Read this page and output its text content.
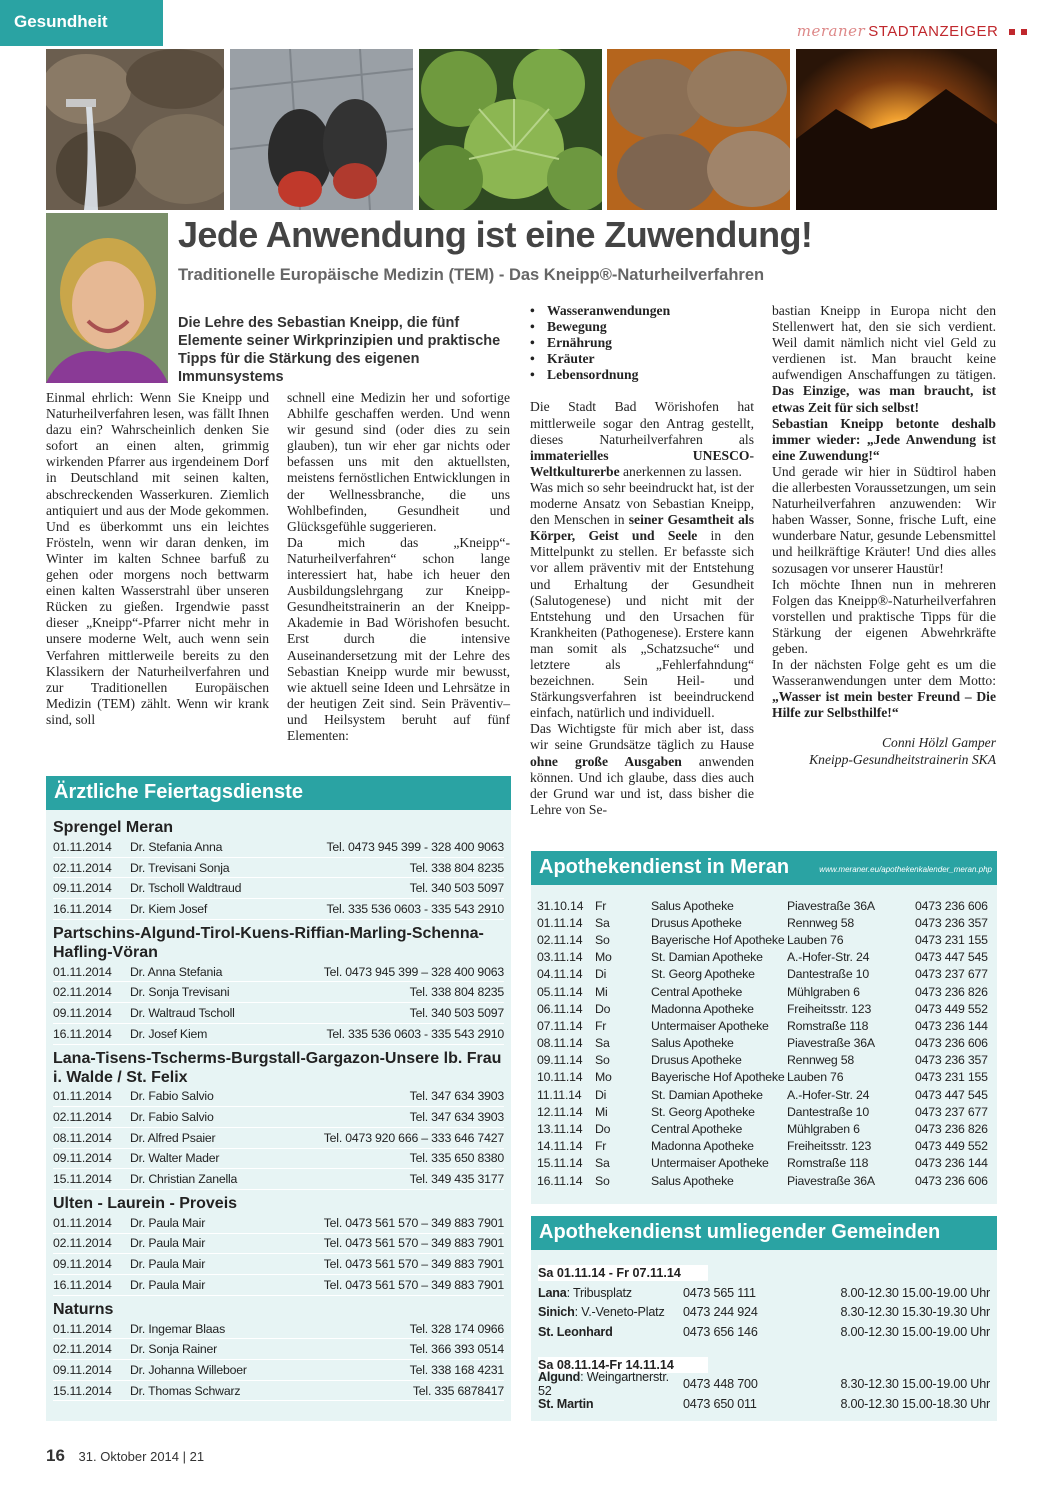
Gesundheit	meraner STADTANZEIGER
Jede Anwendung ist eine Zuwendung!
Traditionelle Europäische Medizin (TEM) - Das Kneipp®-Naturheilverfahren
Die Lehre des Sebastian Kneipp, die fünf Elemente seiner Wirkprinzipien und praktische Tipps für die Stärkung des eigenen Immunsystems

Einmal ehrlich: Wenn Sie Kneipp und Naturheilverfahren lesen, was fällt Ihnen dazu ein? Wahrscheinlich denken Sie sofort an einen alten, grimmig wirkenden Pfarrer aus irgendeinem Dorf in Deutschland mit seinen kalten, abschreckenden Wasserkuren. Ziemlich antiquiert und aus der Mode gekommen. Und es überkommt uns ein leichtes Frösteln, wenn wir daran denken, im Winter im kalten Schnee barfuß zu gehen oder morgens noch bettwarm einen kalten Wasserstrahl über unseren Rücken zu gießen. Irgendwie passt dieser „Kneipp“-Pfarrer nicht mehr in unsere moderne Welt, auch wenn sein Verfahren mittlerweile bereits zu den Klassikern der Naturheilverfahren und zur Traditionellen Europäischen Medizin (TEM) zählt. Wenn wir krank sind, soll

schnell eine Medizin her und sofortige Abhilfe geschaffen werden. Und wenn wir gesund sind (oder dies zu sein glauben), tun wir eher gar nichts oder befassen uns mit den aktuellsten, meistens fernöstlichen Entwicklungen in der Wellnessbranche, die uns Wohlbefinden, Gesundheit und Glücksgefühle suggerieren.

Da mich das „Kneipp“-Naturheilverfahren“ schon lange interessiert hat, habe ich heuer den Ausbildungslehrgang zur Kneipp-Gesundheitstrainerin an der Kneipp-Akademie in Bad Wörishofen besucht. Erst durch die intensive Auseinandersetzung mit der Lehre des Sebastian Kneipp wurde mir bewusst, wie aktuell seine Ideen und Lehrsätze in der heutigen Zeit sind. Sein Präventiv– und Heilsystem beruht auf fünf Elementen:

• Wasseranwendungen
• Bewegung
• Ernährung
• Kräuter
• Lebensordnung

Die Stadt Bad Wörishofen hat mittlerweile sogar den Antrag gestellt, dieses Naturheilverfahren als immaterielles UNESCO-Weltkulturerbe anerkennen zu lassen.

Was mich so sehr beeindruckt hat, ist der moderne Ansatz von Sebastian Kneipp, den Menschen in seiner Gesamtheit als Körper, Geist und Seele in den Mittelpunkt zu stellen. Er befasste sich vor allem präventiv mit der Entstehung und Erhaltung der Gesundheit (Salutogenese) und nicht mit der Entstehung und den Ursachen für Krankheiten (Pathogenese). Erstere kann man somit als „Schatzsuche“ und letztere als „Fehlerfahndung“ bezeichnen. Sein Heil- und Stärkungsverfahren ist beeindruckend einfach, natürlich und individuell.

Das Wichtigste für mich aber ist, dass wir seine Grundsätze täglich zu Hause ohne große Ausgaben anwenden können. Und ich glaube, dass dies auch der Grund war und ist, dass bisher die Lehre von Se-

bastian Kneipp in Europa nicht den Stellenwert hat, den sie sich verdient. Weil damit nämlich nicht viel Geld zu verdienen ist. Man braucht keine aufwendigen Anschaffungen zu tätigen. Das Einzige, was man braucht, ist etwas Zeit für sich selbst!

Sebastian Kneipp betonte deshalb immer wieder: „Jede Anwendung ist eine Zuwendung!“

Und gerade wir hier in Südtirol haben die allerbesten Voraussetzungen, um sein Naturheilverfahren anzuwenden: Wir haben Wasser, Sonne, frische Luft, eine wunderbare Natur, gesunde Lebensmittel und heilkräftige Kräuter! Und dies alles sozusagen vor unserer Haustür!

Ich möchte Ihnen nun in mehreren Folgen das Kneipp®-Naturheilverfahren vorstellen und praktische Tipps für die Stärkung der eigenen Abwehrkräfte geben.

In der nächsten Folge geht es um die Wasseranwendungen unter dem Motto: „Wasser ist mein bester Freund – Die Hilfe zur Selbsthilfe!“

Conni Hölzl Gamper

Kneipp-Gesundheitstrainerin SKA

Ärztliche Feiertagsdienste
Sprengel Meran
01.11.2014	Dr. Stefania Anna	Tel. 0473 945 399 - 328 400 9063
02.11.2014	Dr. Trevisani Sonja	Tel. 338 804 8235
09.11.2014	Dr. Tscholl Waldtraud	Tel. 340 503 5097
16.11.2014	Dr. Kiem Josef	Tel. 335 536 0603 - 335 543 2910
Partschins-Algund-Tirol-Kuens-Riffian-Marling-Schenna-Hafling-Vöran
01.11.2014	Dr. Anna Stefania	Tel. 0473 945 399 – 328 400 9063
02.11.2014	Dr. Sonja Trevisani	Tel. 338 804 8235
09.11.2014	Dr. Waltraud Tscholl	Tel. 340 503 5097
16.11.2014	Dr. Josef Kiem	Tel. 335 536 0603 - 335 543 2910
Lana-Tisens-Tscherms-Burgstall-Gargazon-Unsere lb. Frau i. Walde / St. Felix
01.11.2014	Dr. Fabio Salvio	Tel. 347 634 3903
02.11.2014	Dr. Fabio Salvio	Tel. 347 634 3903
08.11.2014	Dr. Alfred Psaier	Tel. 0473 920 666 – 333 646 7427
09.11.2014	Dr. Walter Mader	Tel. 335 650 8380
15.11.2014	Dr. Christian Zanella	Tel. 349 435 3177
Ulten - Laurein - Proveis
01.11.2014	Dr. Paula Mair	Tel. 0473 561 570 – 349 883 7901
02.11.2014	Dr. Paula Mair	Tel. 0473 561 570 – 349 883 7901
09.11.2014	Dr. Paula Mair	Tel. 0473 561 570 – 349 883 7901
16.11.2014	Dr. Paula Mair	Tel. 0473 561 570 – 349 883 7901
Naturns
01.11.2014	Dr. Ingemar Blaas	Tel. 328 174 0966
02.11.2014	Dr. Sonja Rainer	Tel. 366 393 0514
09.11.2014	Dr. Johanna Willeboer	Tel. 338 168 4231
15.11.2014	Dr. Thomas Schwarz	Tel. 335 6878417
Apothekendienst in Meran	www.meraner.eu/apothekenkalender_meran.php
31.10.14 Fr	Salus Apotheke	Piavestraße 36A	0473 236 606
01.11.14	Sa	Drusus Apotheke	Rennweg 58	0473 236 357
02.11.14	So	Bayerische Hof Apotheke Lauben 76	0473 231 155
03.11.14	Mo	St. Damian Apotheke	A.-Hofer-Str. 24	0473 447 545
04.11.14	Di	St. Georg Apotheke	Dantestraße 10	0473 237 677
05.11.14	Mi	Central Apotheke	Mühlgraben 6	0473 236 826
06.11.14	Do	Madonna Apotheke	Freiheitsstr. 123	0473 449 552
07.11.14	Fr	Untermaiser Apotheke	Romstraße 118	0473 236 144
08.11.14	Sa	Salus Apotheke	Piavestraße 36A	0473 236 606
09.11.14	So	Drusus Apotheke	Rennweg 58	0473 236 357
10.11.14	Mo	Bayerische Hof Apotheke Lauben 76	0473 231 155
11.11.14	Di	St. Damian Apotheke	A.-Hofer-Str. 24	0473 447 545
12.11.14	Mi	St. Georg Apotheke	Dantestraße 10	0473 237 677
13.11.14	Do	Central Apotheke	Mühlgraben 6	0473 236 826
14.11.14	Fr	Madonna Apotheke	Freiheitsstr. 123	0473 449 552
15.11.14	Sa	Untermaiser Apotheke	Romstraße 118	0473 236 144
16.11.14	So	Salus Apotheke	Piavestraße 36A	0473 236 606
Apothekendienst umliegender Gemeinden
Sa 01.11.14 - Fr 07.11.14
Lana: Tribusplatz	0473 565 111	8.00-12.30 15.00-19.00 Uhr
Sinich: V.-Veneto-Platz	0473 244 924	8.30-12.30 15.30-19.30 Uhr
St. Leonhard	0473 656 146	8.00-12.30 15.00-19.00 Uhr
Sa 08.11.14-Fr 14.11.14
Algund: Weingartnerstr. 52	0473 448 700	8.30-12.30 15.00-19.00 Uhr
St. Martin	0473 650 011	8.00-12.30 15.00-18.30 Uhr
16 31. Oktober 2014 | 21
